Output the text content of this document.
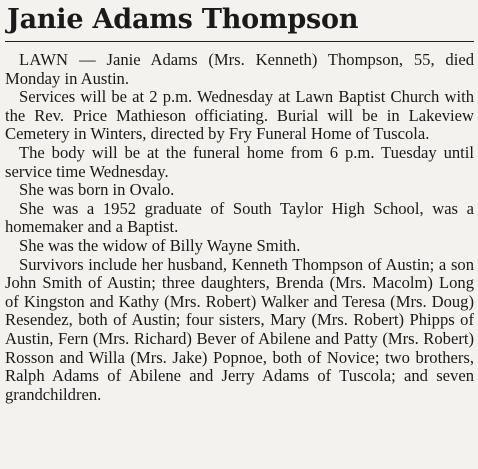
Janie Adams Thompson

LAWN — Janie Adams (Mrs. Kenneth) Thompson, 55, died Monday in Austin.

Services will be at 2 p.m. Wednesday at Lawn Baptist Church with the Rev. Price Mathieson officiating. Burial will be in Lakeview Cemetery in Winters, directed by Fry Funeral Home of Tuscola.

The body will be at the funeral home from 6 p.m. Tuesday until service time Wednesday.

She was born in Ovalo.

She was a 1952 graduate of South Taylor High School, was a homemaker and a Baptist.

She was the widow of Billy Wayne Smith.

Survivors include her husband, Kenneth Thompson of Austin; a son John Smith of Austin; three daughters, Brenda (Mrs. Macolm) Long of Kingston and Kathy (Mrs. Robert) Walker and Teresa (Mrs. Doug) Resendez, both of Austin; four sisters, Mary (Mrs. Robert) Phipps of Austin, Fern (Mrs. Richard) Bever of Abilene and Patty (Mrs. Robert) Rosson and Willa (Mrs. Jake) Popnoe, both of Novice; two brothers, Ralph Adams of Abilene and Jerry Adams of Tuscola; and seven grandchildren.
